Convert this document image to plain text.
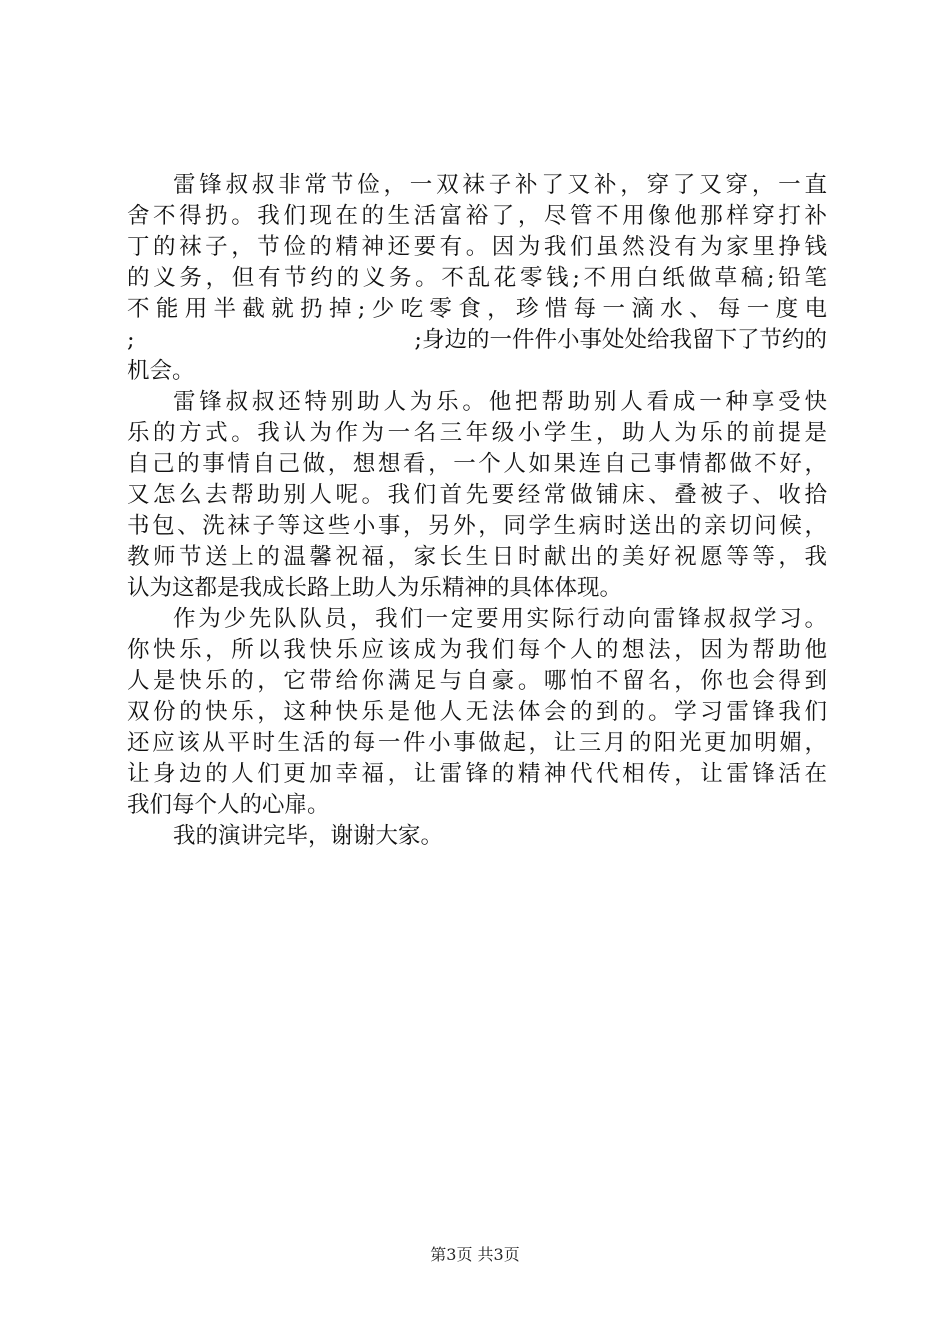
雷锋叔叔非常节俭，一双袜子补了又补，穿了又穿，一直
舍不得扔。我们现在的生活富裕了，尽管不用像他那样穿打补
丁的袜子，节俭的精神还要有。因为我们虽然没有为家里挣钱
的义务，但有节约的义务。不乱花零钱;不用白纸做草稿;铅笔
不能用半截就扔掉;少吃零食，珍惜每一滴水、每一度电
;	;身边的一件件小事处处给我留下了节约的
机会。
雷锋叔叔还特别助人为乐。他把帮助别人看成一种享受快
乐的方式。我认为作为一名三年级小学生，助人为乐的前提是
自己的事情自己做，想想看，一个人如果连自己事情都做不好，
又怎么去帮助别人呢。我们首先要经常做铺床、叠被子、收拾
书包、洗袜子等这些小事，另外，同学生病时送出的亲切问候，
教师节送上的温馨祝福，家长生日时献出的美好祝愿等等，我
认为这都是我成长路上助人为乐精神的具体体现。
作为少先队队员，我们一定要用实际行动向雷锋叔叔学习。
你快乐，所以我快乐应该成为我们每个人的想法，因为帮助他
人是快乐的，它带给你满足与自豪。哪怕不留名，你也会得到
双份的快乐，这种快乐是他人无法体会的到的。学习雷锋我们
还应该从平时生活的每一件小事做起，让三月的阳光更加明媚，
让身边的人们更加幸福，让雷锋的精神代代相传，让雷锋活在
我们每个人的心扉。
我的演讲完毕，谢谢大家。
第3页 共3页
